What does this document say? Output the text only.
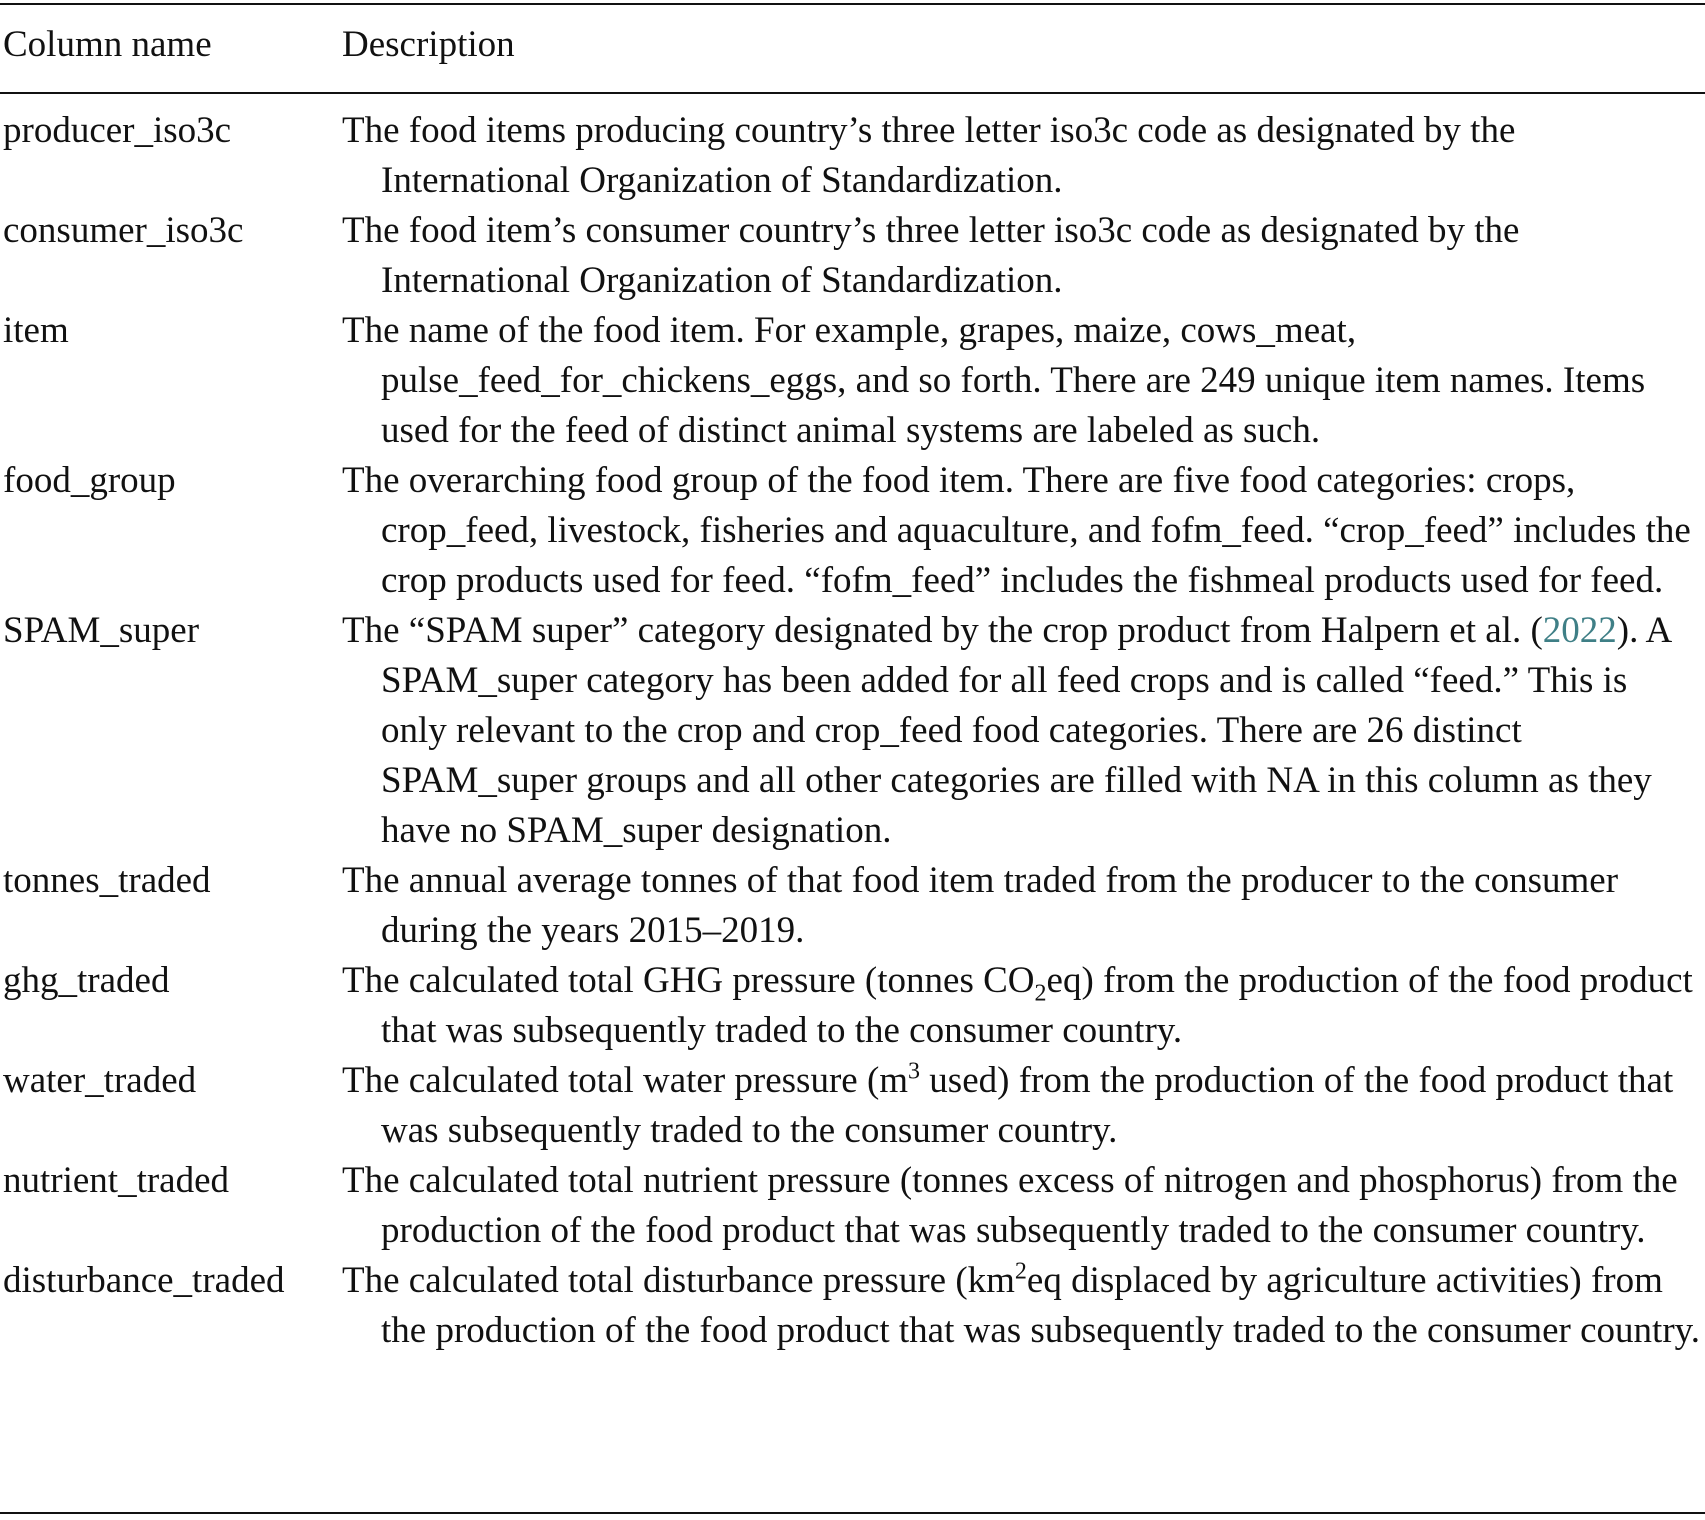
Column name	Description
producer_iso3c	The food items producing country’s three letter iso3c code as designated by the International Organization of Standardization.
consumer_iso3c	The food item’s consumer country’s three letter iso3c code as designated by the International Organization of Standardization.
item	The name of the food item. For example, grapes, maize, cows_meat, pulse_feed_for_chickens_eggs, and so forth. There are 249 unique item names. Items used for the feed of distinct animal systems are labeled as such.
food_group	The overarching food group of the food item. There are five food categories: crops, crop_feed, livestock, fisheries and aquaculture, and fofm_feed. “crop_feed” includes the crop products used for feed. “fofm_feed” includes the fishmeal products used for feed.
SPAM_super	The “SPAM super” category designated by the crop product from Halpern et al. (2022). A SPAM_super category has been added for all feed crops and is called “feed.” This is only relevant to the crop and crop_feed food categories. There are 26 distinct SPAM_super groups and all other categories are filled with NA in this column as they have no SPAM_super designation.
tonnes_traded	The annual average tonnes of that food item traded from the producer to the consumer during the years 2015–2019.
ghg_traded	The calculated total GHG pressure (tonnes $CO_2eq$) from the production of the food product that was subsequently traded to the consumer country.
water_traded	The calculated total water pressure ($m^3$ used) from the production of the food product that was subsequently traded to the consumer country.
nutrient_traded	The calculated total nutrient pressure (tonnes excess of nitrogen and phosphorus) from the production of the food product that was subsequently traded to the consumer country.
disturbance_traded The calculated total disturbance pressure ($km^2eq$ displaced by agriculture activities) from the production of the food product that was subsequently traded to the consumer country.
